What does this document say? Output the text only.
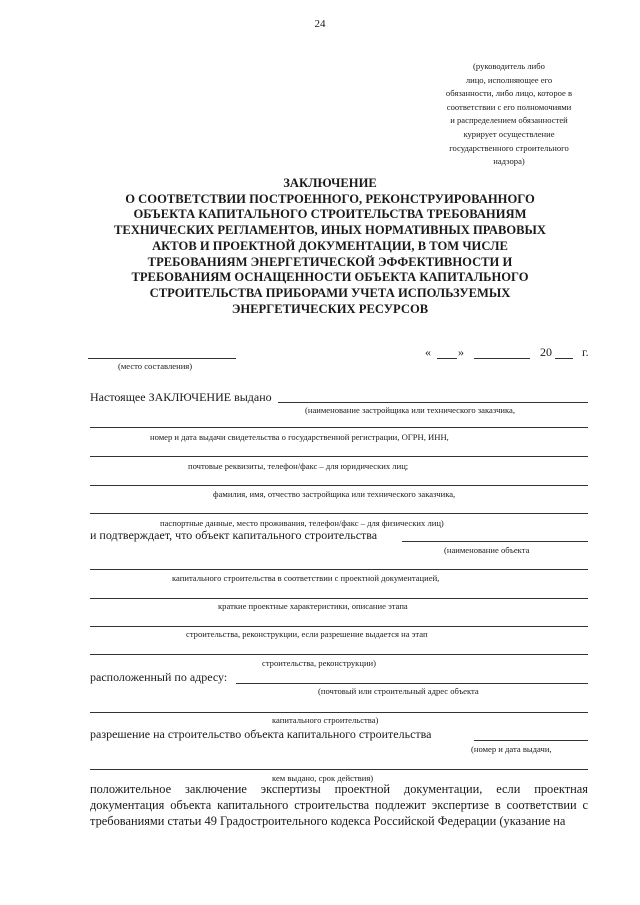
24
(руководитель либо
лицо, исполняющее его
обязанности, либо лицо, которое в
соответствии с его полномочиями
и распределением обязанностей
курирует осуществление
государственного строительного
надзора)
ЗАКЛЮЧЕНИЕ
О СООТВЕТСТВИИ ПОСТРОЕННОГО, РЕКОНСТРУИРОВАННОГО
ОБЪЕКТА КАПИТАЛЬНОГО СТРОИТЕЛЬСТВА ТРЕБОВАНИЯМ
ТЕХНИЧЕСКИХ РЕГЛАМЕНТОВ, ИНЫХ НОРМАТИВНЫХ ПРАВОВЫХ
АКТОВ И ПРОЕКТНОЙ ДОКУМЕНТАЦИИ, В ТОМ ЧИСЛЕ
ТРЕБОВАНИЯМ ЭНЕРГЕТИЧЕСКОЙ ЭФФЕКТИВНОСТИ И
ТРЕБОВАНИЯМ ОСНАЩЕННОСТИ ОБЪЕКТА КАПИТАЛЬНОГО
СТРОИТЕЛЬСТВА ПРИБОРАМИ УЧЕТА ИСПОЛЬЗУЕМЫХ
ЭНЕРГЕТИЧЕСКИХ РЕСУРСОВ
(место составления)
« »	20	г.
Настоящее ЗАКЛЮЧЕНИЕ выдано
(наименование застройщика или технического заказчика,
номер и дата выдачи свидетельства о государственной регистрации, ОГРН, ИНН,
почтовые реквизиты, телефон/факс – для юридических лиц;
фамилия, имя, отчество застройщика или технического заказчика,
паспортные данные, место проживания, телефон/факс – для физических лиц)
и подтверждает, что объект капитального строительства
(наименование объекта
капитального строительства в соответствии с проектной документацией,
краткие проектные характеристики, описание этапа
строительства, реконструкции, если разрешение выдается на этап
строительства, реконструкции)
расположенный по адресу:
(почтовый или строительный адрес объекта
капитального строительства)
разрешение на строительство объекта капитального строительства
(номер и дата выдачи,
кем выдано, срок действия)
положительное заключение экспертизы проектной документации, если проектная документация объекта капитального строительства подлежит экспертизе в соответствии с требованиями статьи 49 Градостроительного кодекса Российской Федерации (указание на
